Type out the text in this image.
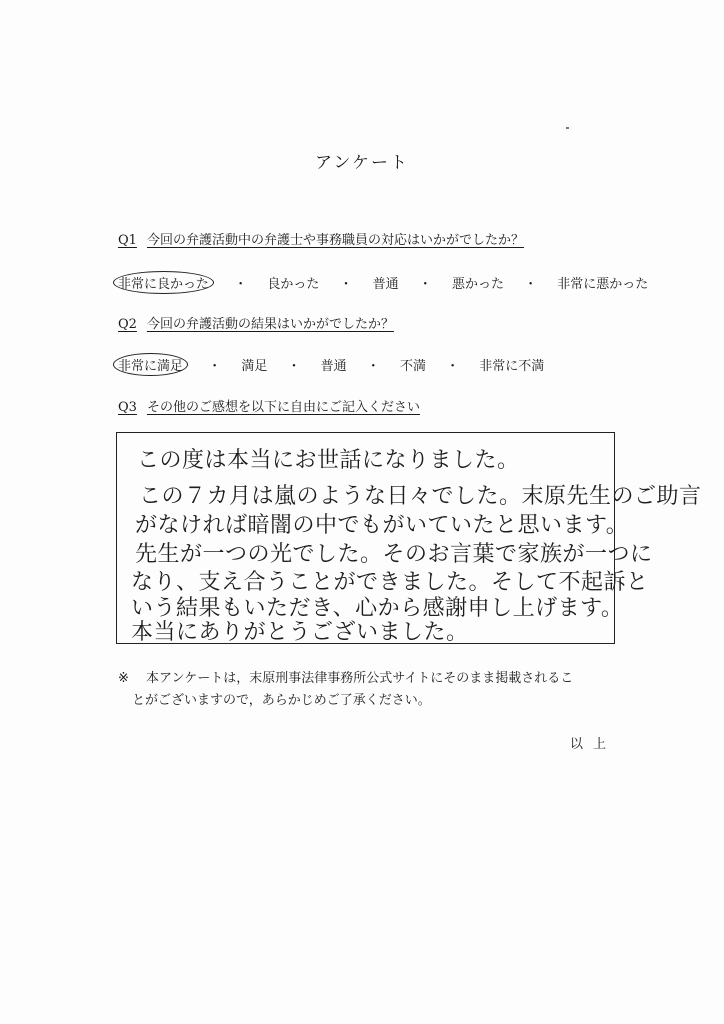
アンケート
Q1 今回の弁護活動中の弁護士や事務職員の対応はいかがでしたか？
非常に良かった ・ 良かった ・ 普通 ・ 悪かった ・ 非常に悪かった
Q2 今回の弁護活動の結果はいかがでしたか？
非常に満足 ・ 満足 ・ 普通 ・ 不満 ・ 非常に不満
Q3 その他のご感想を以下に自由にご記入ください
この度は本当にお世話になりました。
この７カ月は嵐のような日々でした。末原先生のご助言
がなければ暗闇の中でもがいていたと思います。
先生が一つの光でした。そのお言葉で家族が一つに
なり、支え合うことができました。そして不起訴と
いう結果もいただき、心から感謝申し上げます。
本当にありがとうございました。
※ 本アンケートは，末原刑事法律事務所公式サイトにそのまま掲載されるこ
とがございますので，あらかじめご了承ください。
以上
